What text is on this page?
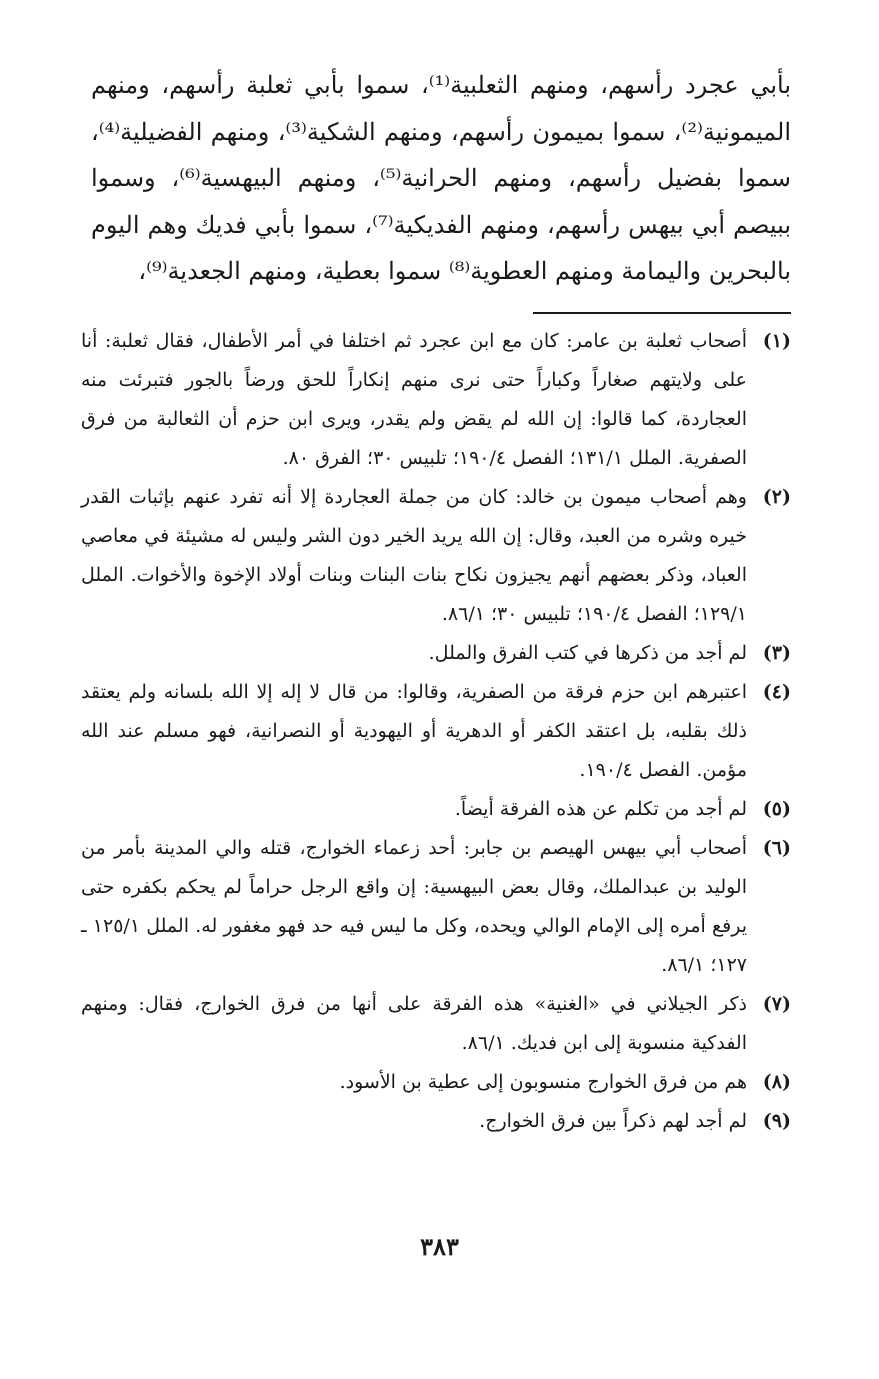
بأبي عجرد رأسهم، ومنهم الثعلبية⁽¹⁾، سموا بأبي ثعلبة رأسهم، ومنهم الميمونية⁽²⁾، سموا بميمون رأسهم، ومنهم الشكية⁽³⁾، ومنهم الفضيلية⁽⁴⁾، سموا بفضيل رأسهم، ومنهم الحرانية⁽⁵⁾، ومنهم البيهسية⁽⁶⁾، وسموا ببيصم أبي بيهس رأسهم، ومنهم الفديكية⁽⁷⁾، سموا بأبي فديك وهم اليوم بالبحرين واليمامة ومنهم العطوية⁽⁸⁾ سموا بعطية، ومنهم الجعدية⁽⁹⁾،

(١)
أصحاب ثعلبة بن عامر: كان مع ابن عجرد ثم اختلفا في أمر الأطفال، فقال ثعلبة: أنا على ولايتهم صغاراً وكباراً حتى نرى منهم إنكاراً للحق ورضاً بالجور فتبرئت منه العجاردة، كما قالوا: إن الله لم يقض ولم يقدر، ويرى ابن حزم أن الثعالبة من فرق الصفرية. الملل ١٣١/١؛ الفصل ١٩٠/٤؛ تلبيس ٣٠؛ الفرق ٨٠.
(٢)
وهم أصحاب ميمون بن خالد: كان من جملة العجاردة إلا أنه تفرد عنهم بإثبات القدر خيره وشره من العبد، وقال: إن الله يريد الخير دون الشر وليس له مشيئة في معاصي العباد، وذكر بعضهم أنهم يجيزون نكاح بنات البنات وبنات أولاد الإخوة والأخوات. الملل ١٢٩/١؛ الفصل ١٩٠/٤؛ تلبيس ٣٠؛ ٨٦/١.
(٣)
لم أجد من ذكرها في كتب الفرق والملل.
(٤)
اعتبرهم ابن حزم فرقة من الصفرية، وقالوا: من قال لا إله إلا الله بلسانه ولم يعتقد ذلك بقلبه، بل اعتقد الكفر أو الدهرية أو اليهودية أو النصرانية، فهو مسلم عند الله مؤمن. الفصل ١٩٠/٤.
(٥)
لم أجد من تكلم عن هذه الفرقة أيضاً.
(٦)
أصحاب أبي بيهس الهيصم بن جابر: أحد زعماء الخوارج، قتله والي المدينة بأمر من الوليد بن عبدالملك، وقال بعض البيهسية: إن واقع الرجل حراماً لم يحكم بكفره حتى يرفع أمره إلى الإمام الوالي ويحده، وكل ما ليس فيه حد فهو مغفور له. الملل ١٢٥/١ ـ ١٢٧؛ ٨٦/١.
(٧)
ذكر الجيلاني في «الغنية» هذه الفرقة على أنها من فرق الخوارج، فقال: ومنهم الفدكية منسوبة إلى ابن فديك. ٨٦/١.
(٨)
هم من فرق الخوارج منسوبون إلى عطية بن الأسود.
(٩)
لم أجد لهم ذكراً بين فرق الخوارج.
٣٨٣
